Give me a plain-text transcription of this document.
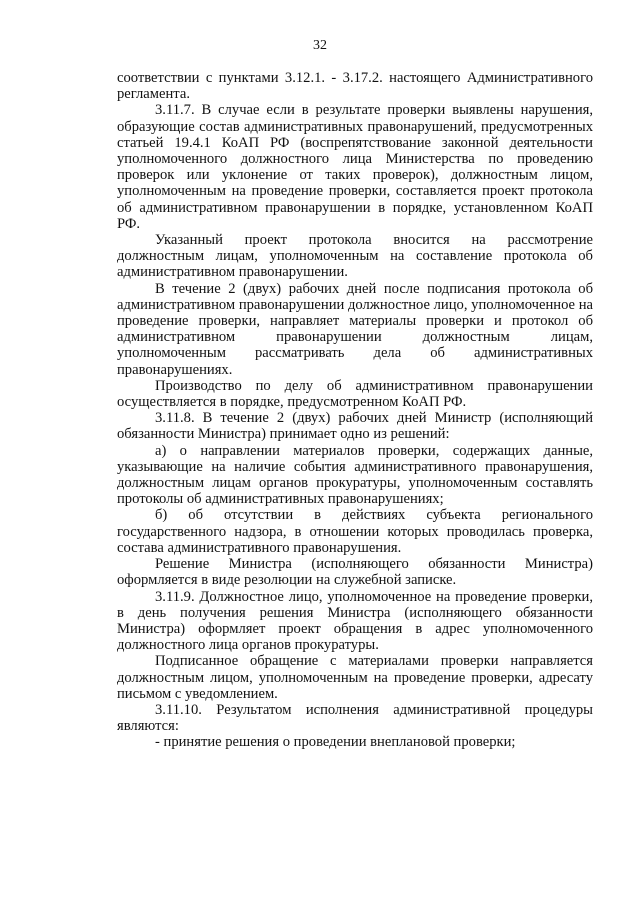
32

соответствии с пунктами 3.12.1. - 3.17.2. настоящего Административного регламента.

3.11.7. В случае если в результате проверки выявлены нарушения, образующие состав административных правонарушений, предусмотренных статьей 19.4.1 КоАП РФ (воспрепятствование законной деятельности уполномоченного должностного лица Министерства по проведению проверок или уклонение от таких проверок), должностным лицом, уполномоченным на проведение проверки, составляется проект протокола об административном правонарушении в порядке, установленном КоАП РФ.

Указанный проект протокола вносится на рассмотрение должностным лицам, уполномоченным на составление протокола об административном правонарушении.

В течение 2 (двух) рабочих дней после подписания протокола об административном правонарушении должностное лицо, уполномоченное на проведение проверки, направляет материалы проверки и протокол об административном правонарушении должностным лицам, уполномоченным рассматривать дела об административных правонарушениях.

Производство по делу об административном правонарушении осуществляется в порядке, предусмотренном КоАП РФ.

3.11.8. В течение 2 (двух) рабочих дней Министр (исполняющий обязанности Министра) принимает одно из решений:

а) о направлении материалов проверки, содержащих данные, указывающие на наличие события административного правонарушения, должностным лицам органов прокуратуры, уполномоченным составлять протоколы об административных правонарушениях;

б) об отсутствии в действиях субъекта регионального государственного надзора, в отношении которых проводилась проверка, состава административного правонарушения.

Решение Министра (исполняющего обязанности Министра) оформляется в виде резолюции на служебной записке.

3.11.9. Должностное лицо, уполномоченное на проведение проверки, в день получения решения Министра (исполняющего обязанности Министра) оформляет проект обращения в адрес уполномоченного должностного лица органов прокуратуры.

Подписанное обращение с материалами проверки направляется должностным лицом, уполномоченным на проведение проверки, адресату письмом с уведомлением.

3.11.10. Результатом исполнения административной процедуры являются:

- принятие решения о проведении внеплановой проверки;
